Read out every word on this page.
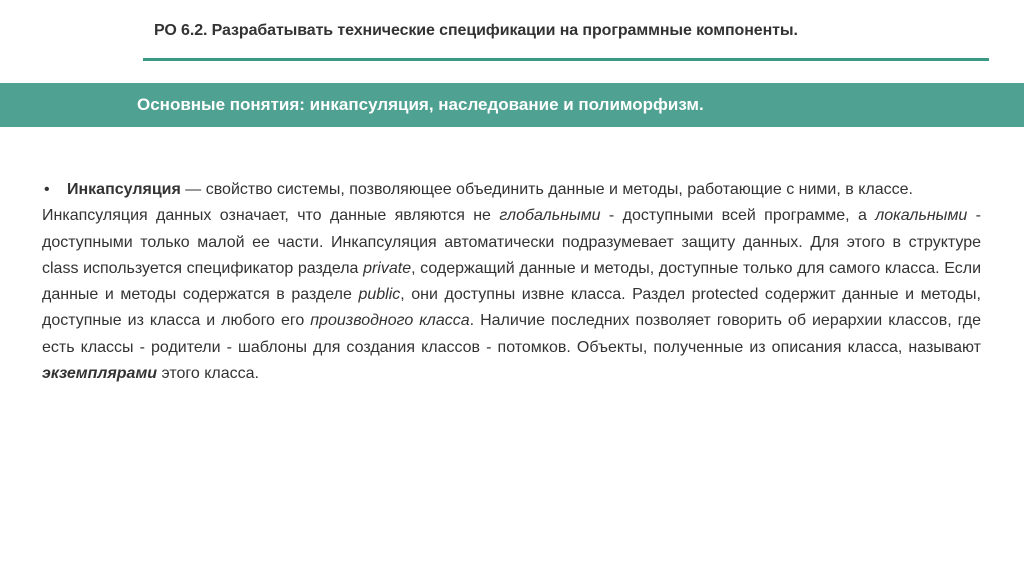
РО 6.2. Разрабатывать технические спецификации на программные компоненты.
Основные понятия: инкапсуляция, наследование и полиморфизм.
• Инкапсуляция — свойство системы, позволяющее объединить данные и методы, работающие с ними, в классе.

Инкапсуляция данных означает, что данные являются не глобальными - доступными всей программе, а локальными - доступными только малой ее части. Инкапсуляция автоматически подразумевает защиту данных. Для этого в структуре class используется спецификатор раздела private, содержащий данные и методы, доступные только для самого класса. Если данные и методы содержатся в разделе public, они доступны извне класса. Раздел protected содержит данные и методы, доступные из класса и любого его производного класса. Наличие последних позволяет говорить об иерархии классов, где есть классы - родители - шаблоны для создания классов - потомков. Объекты, полученные из описания класса, называют экземплярами этого класса.
